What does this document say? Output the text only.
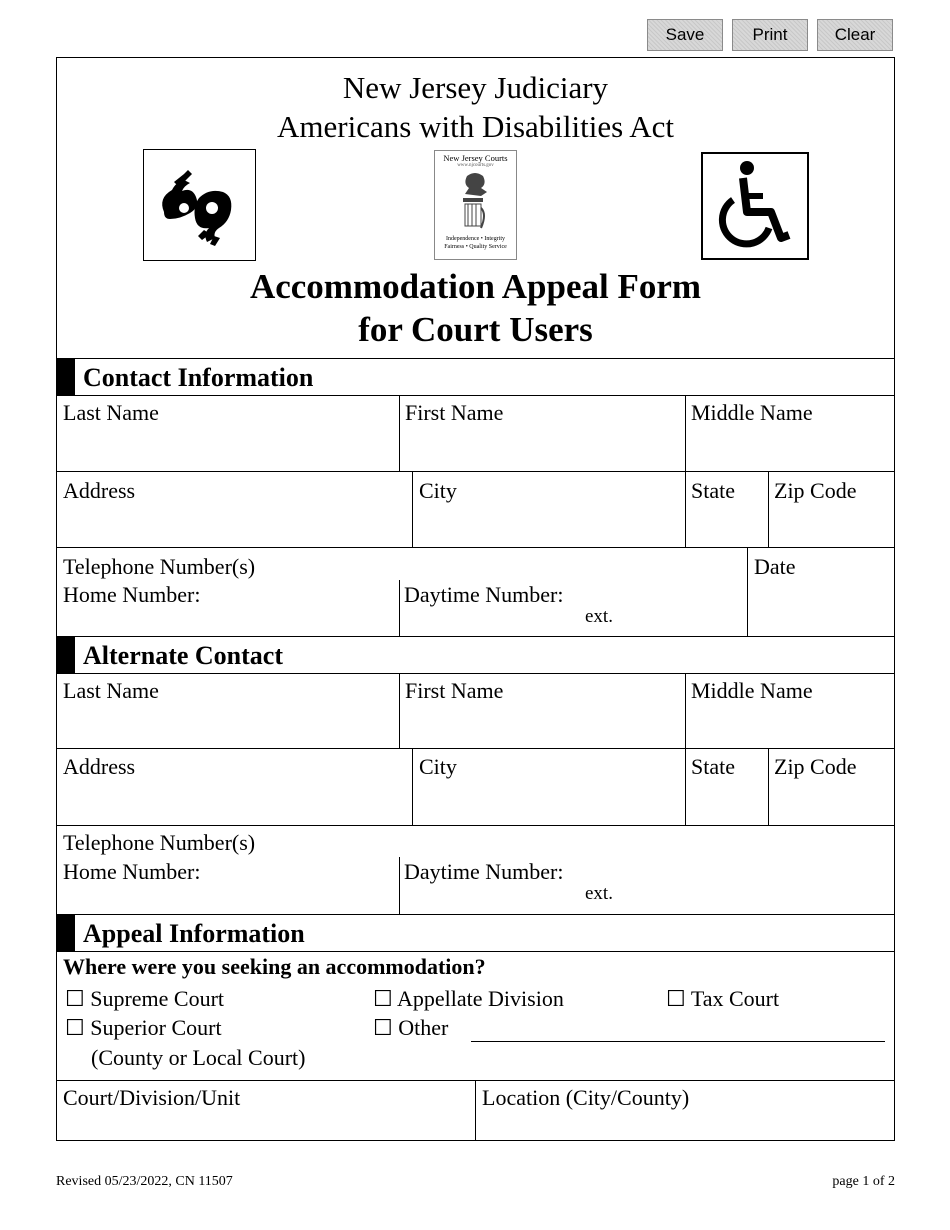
Save	Print	Clear
New Jersey Judiciary
Americans with Disabilities Act
New Jersey Courts
www.njcourts.gov
Independence • Integrity
Fairness • Quality Service
Accommodation Appeal Form
for Court Users
Contact Information
Last Name	First Name	Middle Name
Address	City	State Zip Code
Telephone Number(s)
Home Number:	Daytime Number:
ext.
Date
Alternate Contact
Last Name	First Name	Middle Name
Address	City	State Zip Code
Telephone Number(s)
Home Number:	Daytime Number:
ext.
Appeal Information
Where were you seeking an accommodation?
☐ Supreme Court	☐ Appellate Division	☐ Tax Court
☐ Superior Court	☐ Other
(County or Local Court)
Court/Division/Unit	Location (City/County)
Revised 05/23/2022, CN 11507	page 1 of 2
